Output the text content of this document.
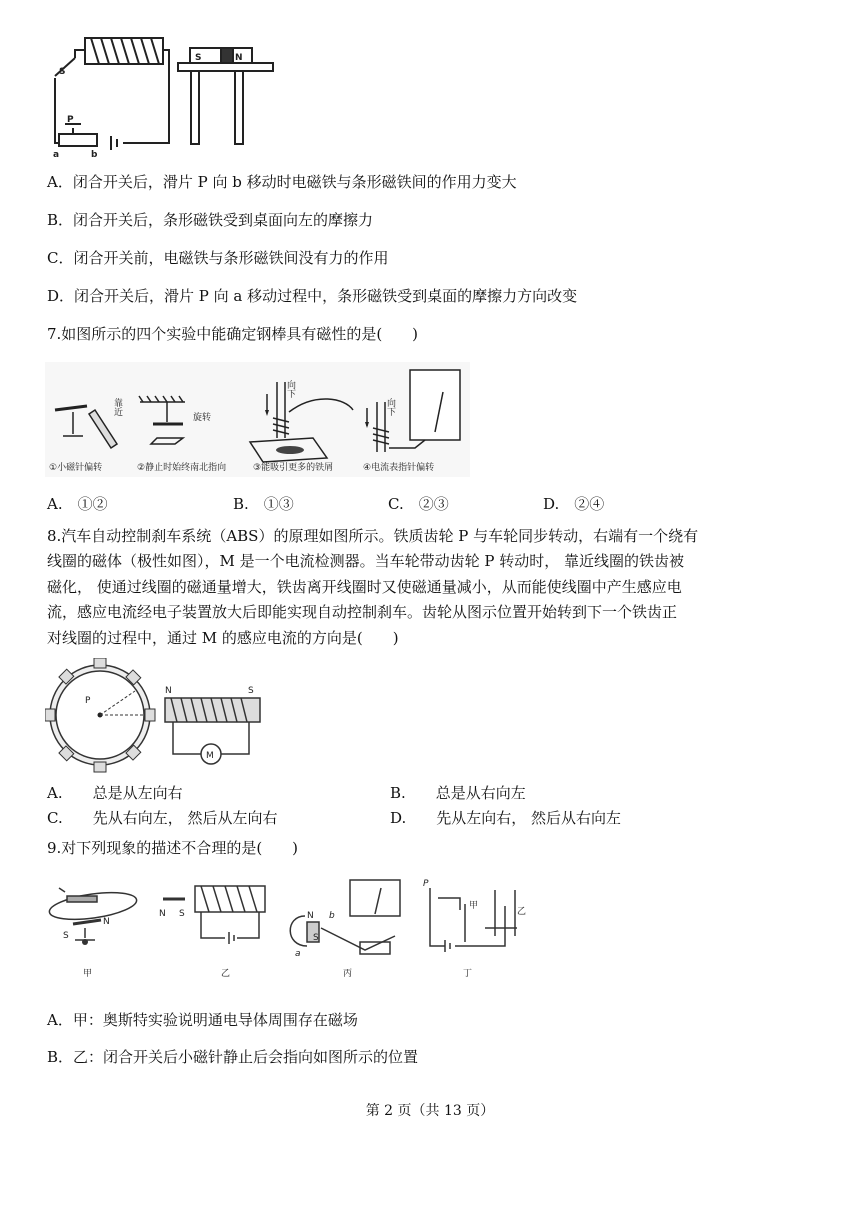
S
P
a	b
S	N
A．闭合开关后，滑片 P 向 b 移动时电磁铁与条形磁铁间的作用力变大
B．闭合开关后，条形磁铁受到桌面向左的摩擦力
C．闭合开关前，电磁铁与条形磁铁间没有力的作用
D．闭合开关后，滑片 P 向 a 移动过程中，条形磁铁受到桌面的摩擦力方向改变
7.如图所示的四个实验中能确定钢棒具有磁性的是(　　)
靠近
旋转
向下
向下
①小磁针偏转	②静止时始终南北指向	③能吸引更多的铁屑	④电流表指针偏转
A.　①②	B.　①③	C.　②③	D.　②④
8.汽车自动控制刹车系统（ABS）的原理如图所示。铁质齿轮 P 与车轮同步转动，右端有一个绕有
线圈的磁体（极性如图），M 是一个电流检测器。当车轮带动齿轮 P 转动时， 靠近线圈的铁齿被
磁化， 使通过线圈的磁通量增大，铁齿离开线圈时又使磁通量减小，从而能使线圈中产生感应电
流，感应电流经电子装置放大后即能实现自动控制刹车。齿轮从图示位置开始转到下一个铁齿正
对线圈的过程中，通过 M 的感应电流的方向是(　　)
P
N	S
M
A.　　总是从左向右	B.　　总是从右向左
C.　　先从右向左， 然后从左向右	D.　　先从左向右， 然后从右向左
9.对下列现象的描述不合理的是(　　)
S
N
N S	N
S
a
b
P
甲
乙
甲	乙	丙	丁
A．甲：奥斯特实验说明通电导体周围存在磁场
B．乙：闭合开关后小磁针静止后会指向如图所示的位置
第 2 页（共 13 页）
